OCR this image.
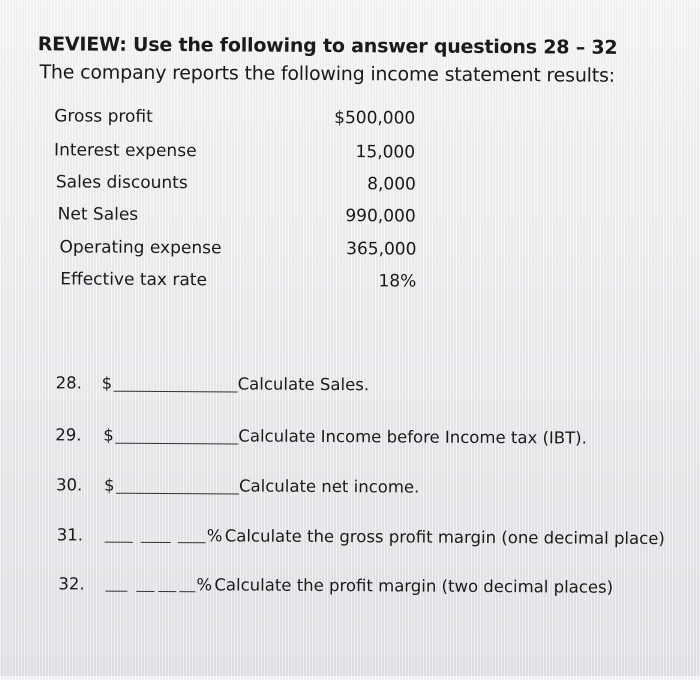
REVIEW: Use the following to answer questions 28 – 32
The company reports the following income statement results:
Gross profit	$500,000
Interest expense	15,000
Sales discounts	8,000
Net Sales	990,000
Operating expense	365,000
Effective tax rate	18%
28. $	Calculate Sales.
29. $	Calculate Income before Income tax (IBT).
30. $	Calculate net income.
31.	% Calculate the gross profit margin (one decimal place)
32.	% Calculate the profit margin (two decimal places)
